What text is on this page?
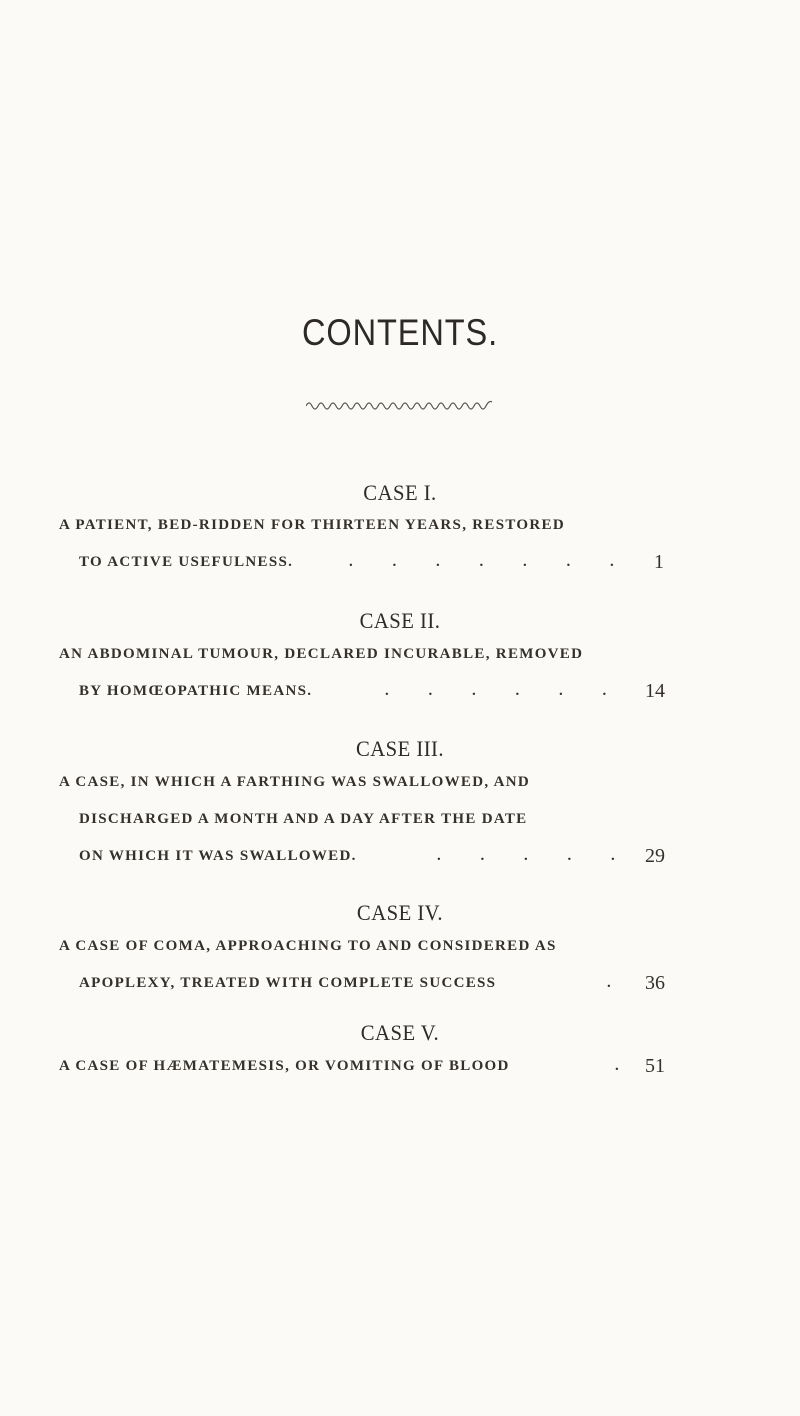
CONTENTS.
CASE I.
A PATIENT, BED-RIDDEN FOR THIRTEEN YEARS, RESTORED
TO ACTIVE USEFULNESS.	. . . . . . . 1
CASE II.
AN ABDOMINAL TUMOUR, DECLARED INCURABLE, REMOVED
BY HOMŒOPATHIC MEANS.	. . . . . . 14
CASE III.
A CASE, IN WHICH A FARTHING WAS SWALLOWED, AND
DISCHARGED A MONTH AND A DAY AFTER THE DATE
ON WHICH IT WAS SWALLOWED.	. . . . . 29
CASE IV.
A CASE OF COMA, APPROACHING TO AND CONSIDERED AS
APOPLEXY, TREATED WITH COMPLETE SUCCESS	. 36
CASE V.
A CASE OF HÆMATEMESIS, OR VOMITING OF BLOOD	. 51
